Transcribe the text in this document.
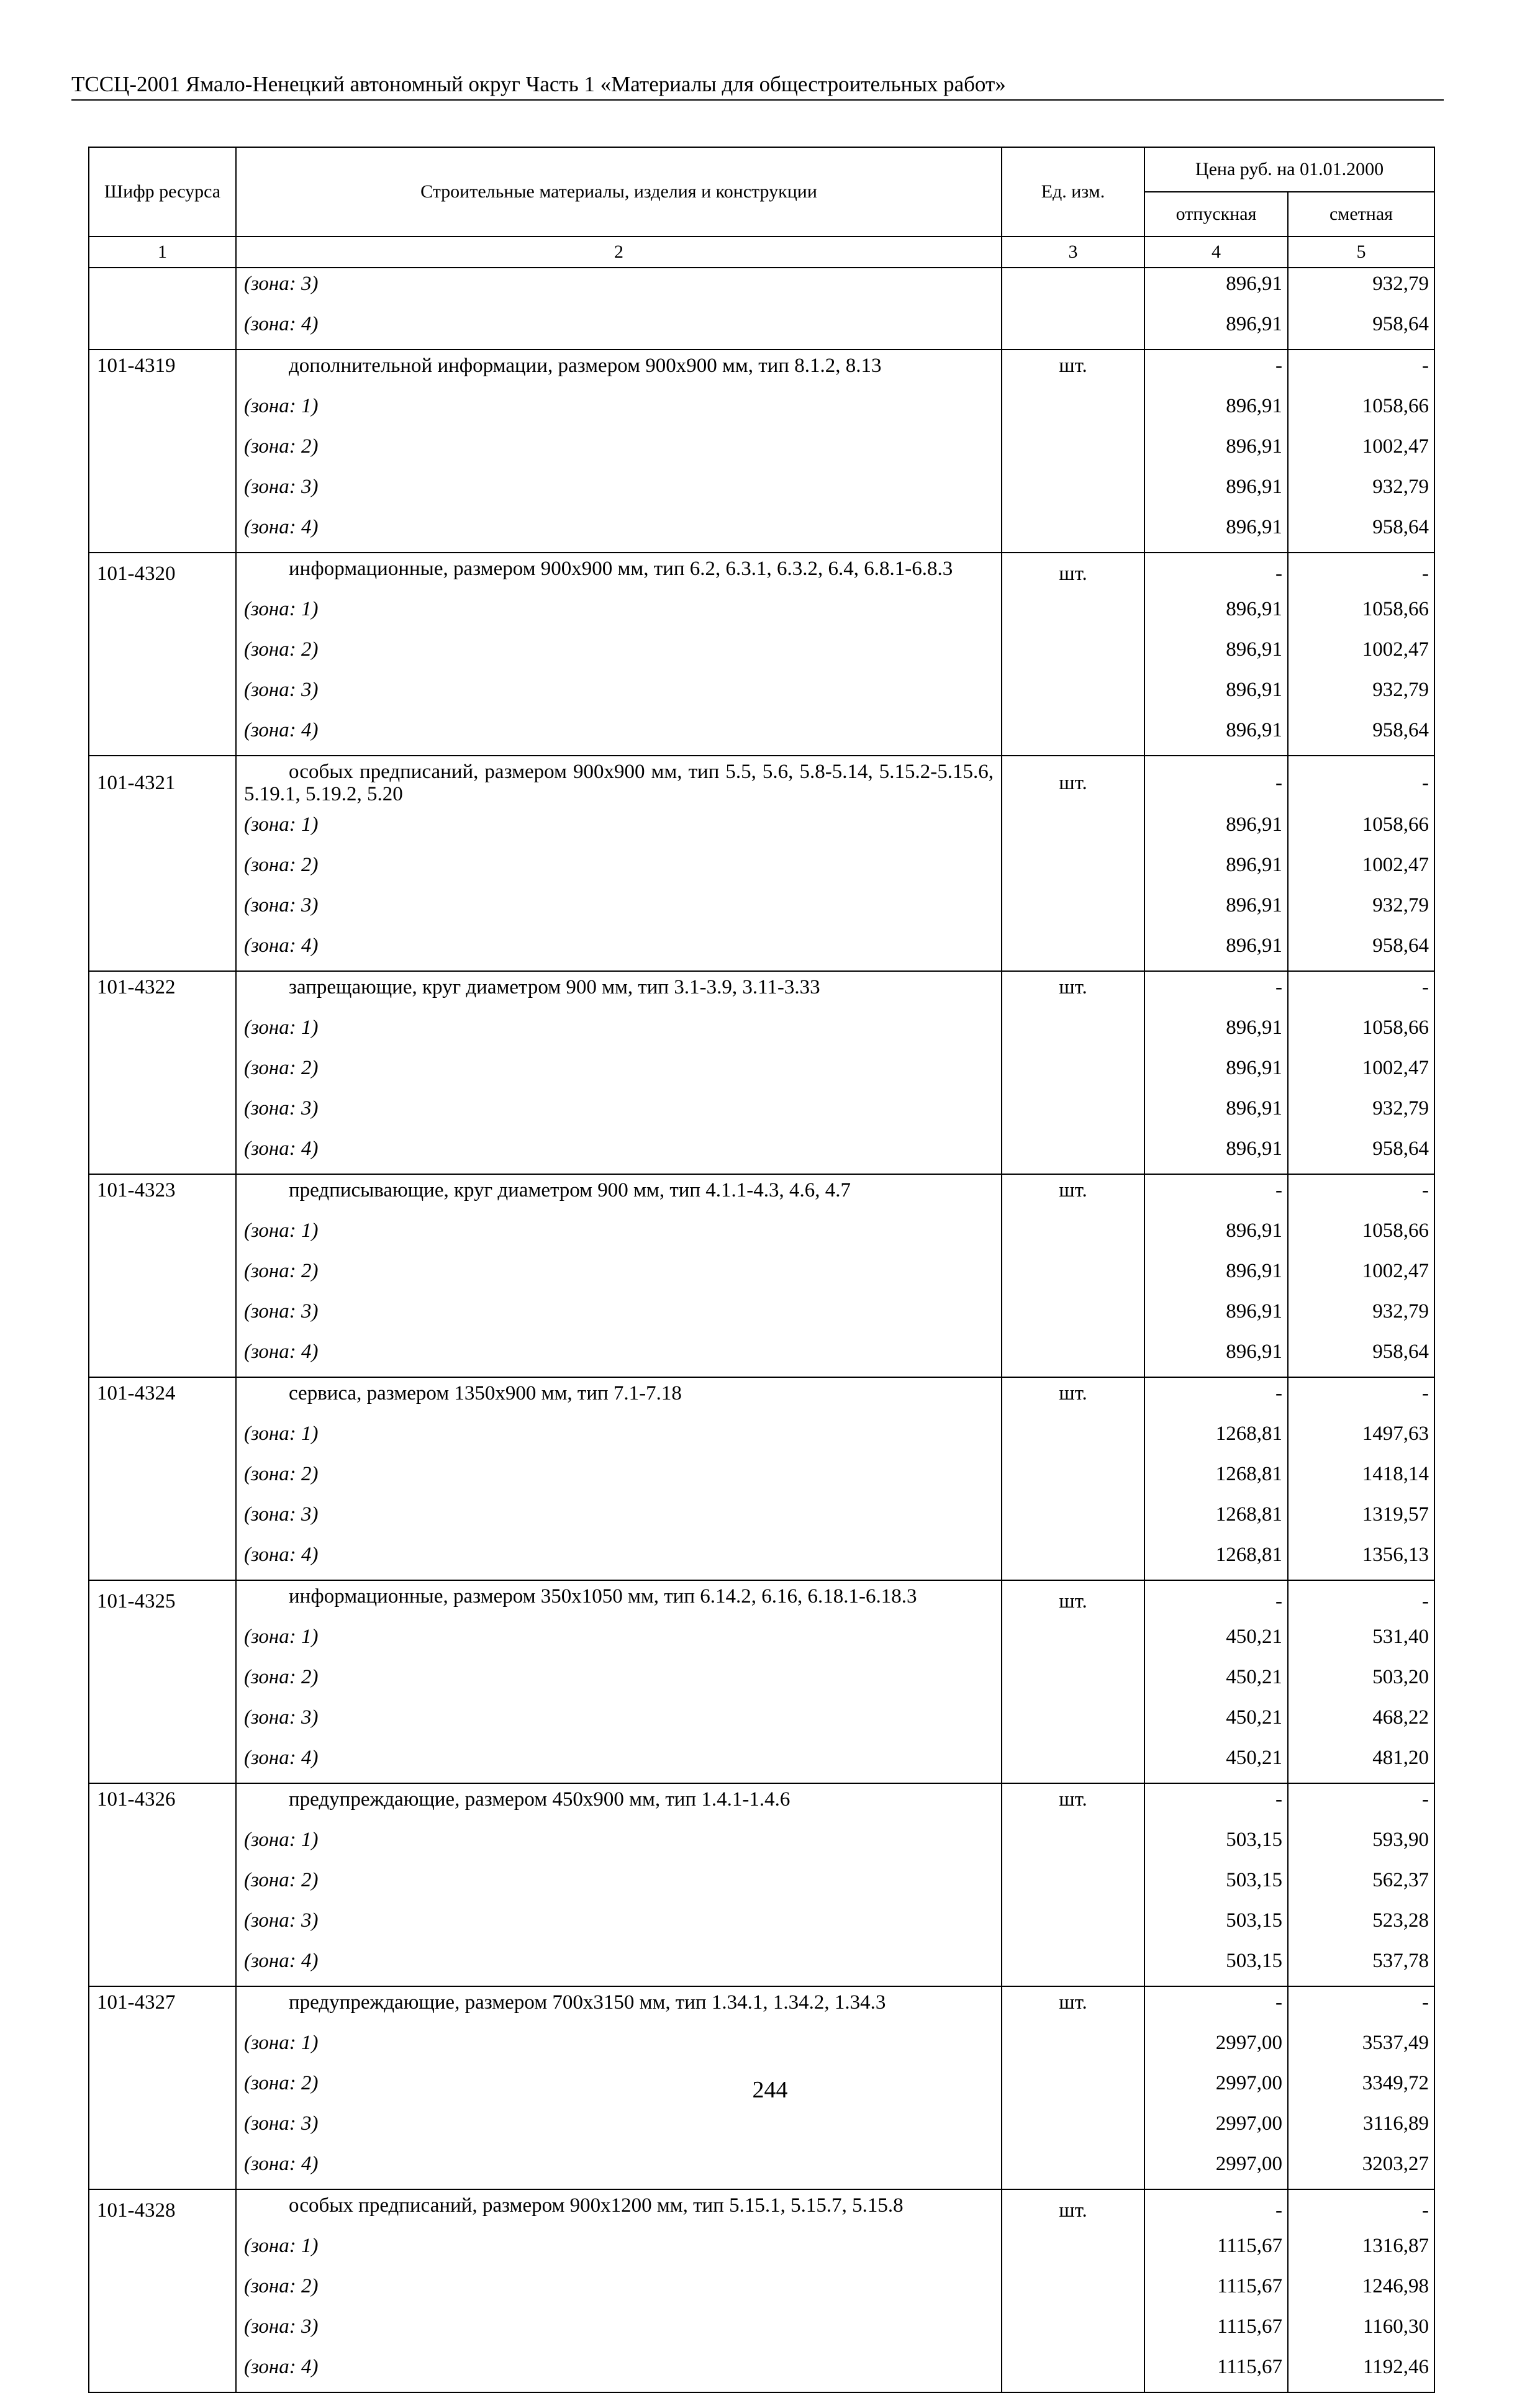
ТССЦ-2001 Ямало-Ненецкий автономный округ Часть 1 «Материалы для общестроительных работ»
Шифр ресурса	Строительные материалы, изделия и конструкции	Ед. изм.	Цена руб. на 01.01.2000	
			отпускная	сметная
1	2	3	4	5
	(зона: 3)		896,91	932,79
	(зона: 4)		896,91	958,64
101-4319	дополнительной информации, размером 900х900 мм, тип 8.1.2, 8.13	шт.	-	-
	(зона: 1)		896,91	1058,66
	(зона: 2)		896,91	1002,47
	(зона: 3)		896,91	932,79
	(зона: 4)		896,91	958,64
101-4320	информационные, размером 900х900 мм, тип 6.2, 6.3.1, 6.3.2, 6.4, 6.8.1-6.8.3	шт.	-	-
	(зона: 1)		896,91	1058,66
	(зона: 2)		896,91	1002,47
	(зона: 3)		896,91	932,79
	(зона: 4)		896,91	958,64
101-4321	особых предписаний, размером 900х900 мм, тип 5.5, 5.6, 5.8-5.14, 5.15.2-5.15.6, 5.19.1, 5.19.2, 5.20	шт.	-	-
	(зона: 1)		896,91	1058,66
	(зона: 2)		896,91	1002,47
	(зона: 3)		896,91	932,79
	(зона: 4)		896,91	958,64
101-4322	запрещающие, круг диаметром 900 мм, тип 3.1-3.9, 3.11-3.33	шт.	-	-
	(зона: 1)		896,91	1058,66
	(зона: 2)		896,91	1002,47
	(зона: 3)		896,91	932,79
	(зона: 4)		896,91	958,64
101-4323	предписывающие, круг диаметром 900 мм, тип 4.1.1-4.3, 4.6, 4.7	шт.	-	-
	(зона: 1)		896,91	1058,66
	(зона: 2)		896,91	1002,47
	(зона: 3)		896,91	932,79
	(зона: 4)		896,91	958,64
101-4324	сервиса, размером 1350х900 мм, тип 7.1-7.18	шт.	-	-
	(зона: 1)		1268,81	1497,63
	(зона: 2)		1268,81	1418,14
	(зона: 3)		1268,81	1319,57
	(зона: 4)		1268,81	1356,13
101-4325	информационные, размером 350х1050 мм, тип 6.14.2, 6.16, 6.18.1-6.18.3	шт.	-	-
	(зона: 1)		450,21	531,40
	(зона: 2)		450,21	503,20
	(зона: 3)		450,21	468,22
	(зона: 4)		450,21	481,20
101-4326	предупреждающие, размером 450х900 мм, тип 1.4.1-1.4.6	шт.	-	-
	(зона: 1)		503,15	593,90
	(зона: 2)		503,15	562,37
	(зона: 3)		503,15	523,28
	(зона: 4)		503,15	537,78
101-4327	предупреждающие, размером 700х3150 мм, тип 1.34.1, 1.34.2, 1.34.3	шт.	-	-
	(зона: 1)		2997,00	3537,49
	(зона: 2)		2997,00	3349,72
	(зона: 3)		2997,00	3116,89
	(зона: 4)		2997,00	3203,27
101-4328	особых предписаний, размером 900х1200 мм, тип 5.15.1, 5.15.7, 5.15.8	шт.	-	-
	(зона: 1)		1115,67	1316,87
	(зона: 2)		1115,67	1246,98
	(зона: 3)		1115,67	1160,30
	(зона: 4)		1115,67	1192,46
244
